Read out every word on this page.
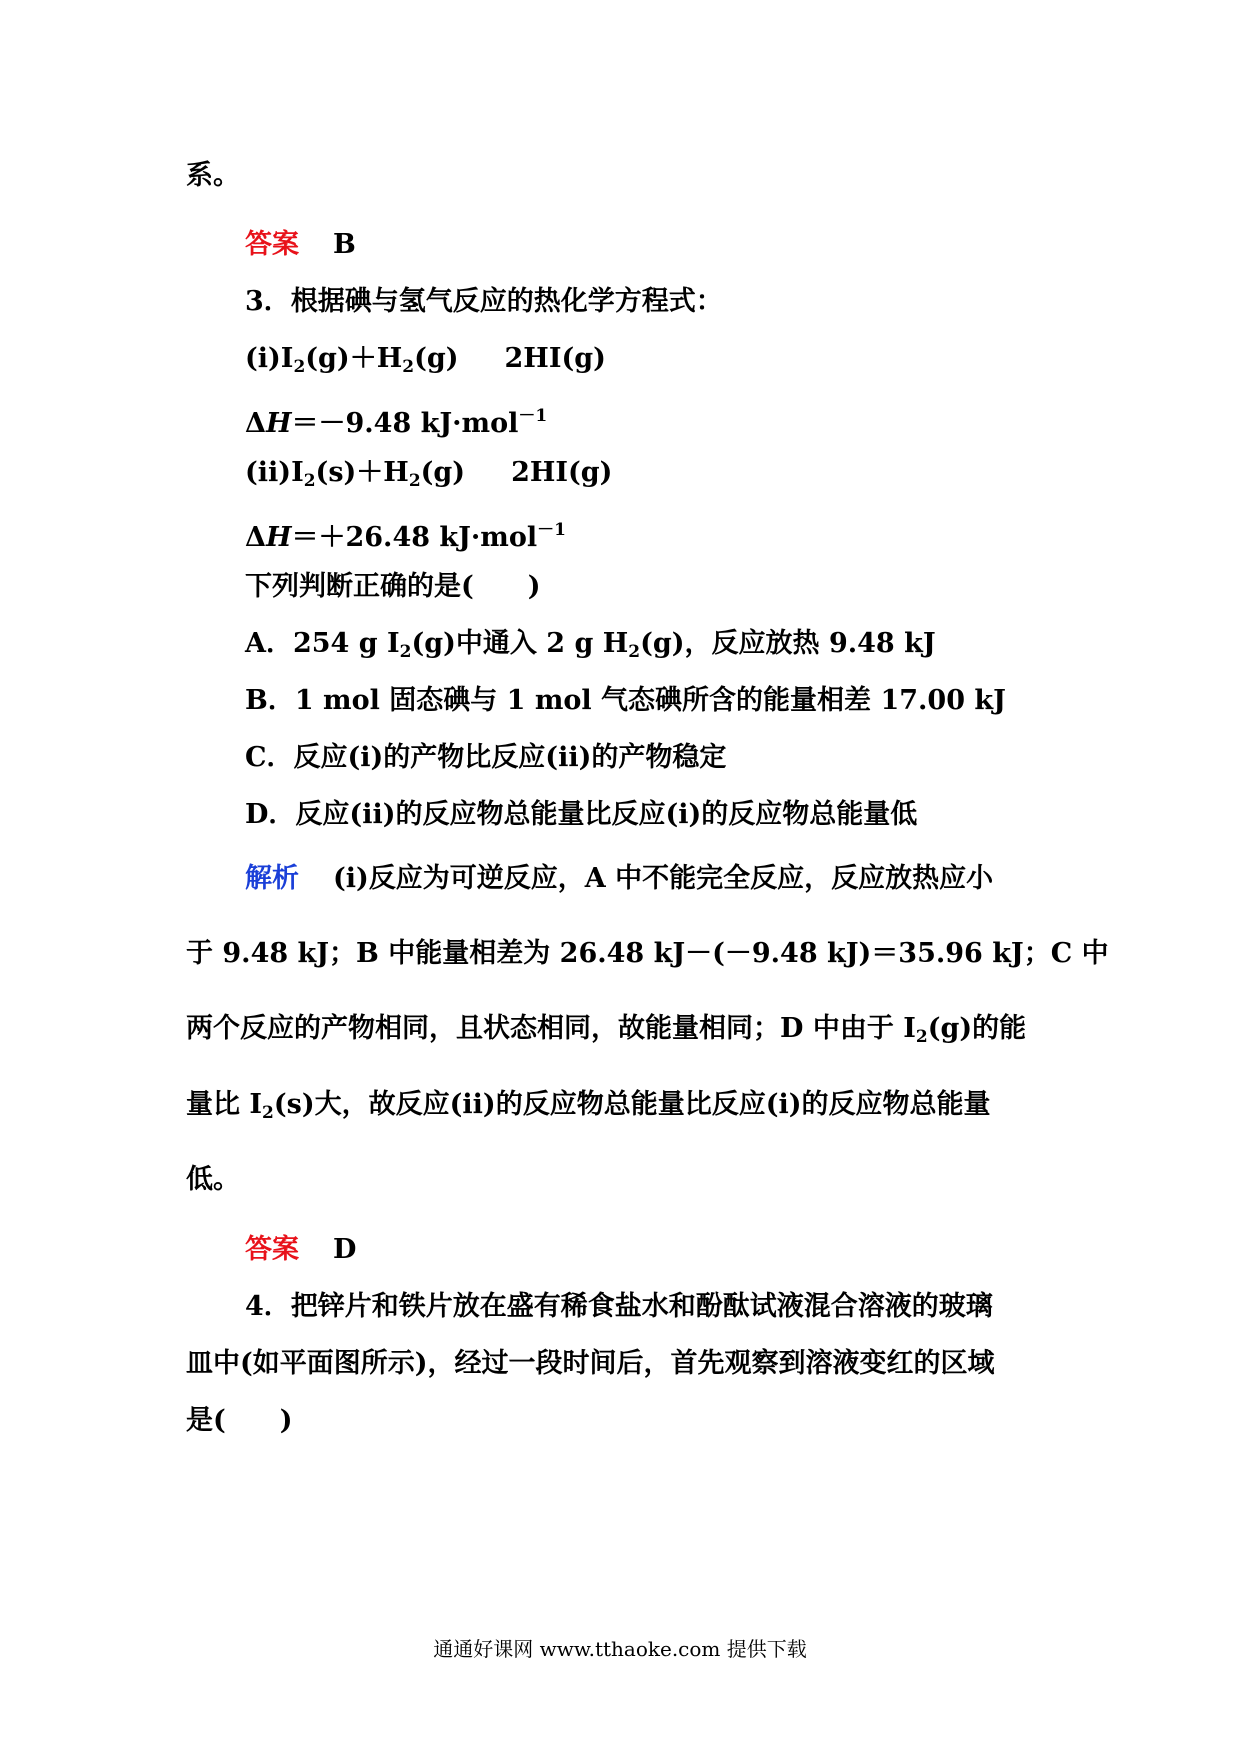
系。
答案 B
3．根据碘与氢气反应的热化学方程式：
$(ⅰ)I_2(g)+H_2(g)$ 2HI(g)
ΔH＝－9.48 kJ·mol$^{-1}$
$(ⅱ)I_2(s)+H_2(g)$ 2HI(g)
ΔH＝＋26.48 kJ·mol$^{-1}$
下列判断正确的是(　　)
A．254 g $I_2(g)$中通入 2 g $H_2(g)$，反应放热 9.48 kJ
B．1 mol 固态碘与 1 mol 气态碘所含的能量相差 17.00 kJ
C．反应(ⅰ)的产物比反应(ⅱ)的产物稳定
D．反应(ⅱ)的反应物总能量比反应(ⅰ)的反应物总能量低
解析 (ⅰ)反应为可逆反应，A 中不能完全反应，反应放热应小
于 9.48 kJ；B 中能量相差为 26.48 kJ－(－9.48 kJ)＝35.96 kJ；C 中
两个反应的产物相同，且状态相同，故能量相同；D 中由于 $I_2(g)$的能
量比 $I_2(s)$大，故反应(ⅱ)的反应物总能量比反应(ⅰ)的反应物总能量
低。
答案 D
4．把锌片和铁片放在盛有稀食盐水和酚酞试液混合溶液的玻璃
皿中(如平面图所示)，经过一段时间后，首先观察到溶液变红的区域
是(　　)
通通好课网 www.tthaoke.com 提供下载
